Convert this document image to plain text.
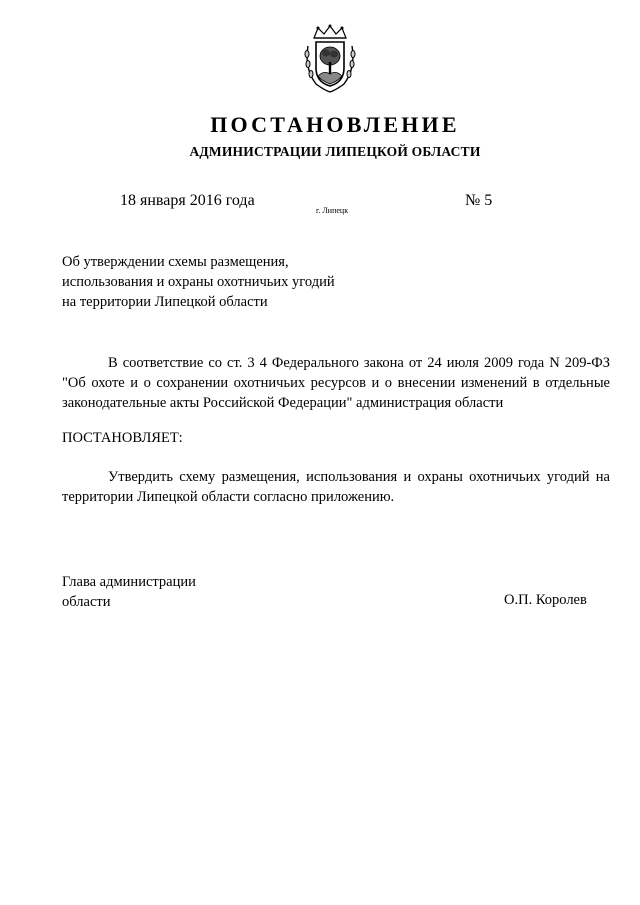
ПОСТАНОВЛЕНИЕ
АДМИНИСТРАЦИИ ЛИПЕЦКОЙ ОБЛАСТИ
18 января 2016 года
г. Липецк
№ 5
Об утверждении схемы размещения,
использования и охраны охотничьих угодий
на территории Липецкой области
В соответствие со ст. 3 4 Федерального закона от 24 июля 2009 года N 209-ФЗ "Об охоте и о сохранении охотничьих ресурсов и о внесении изменений в отдельные законодательные акты Российской Федерации" администрация области
ПОСТАНОВЛЯЕТ:
Утвердить схему размещения, использования и охраны охотничьих угодий на территории Липецкой области согласно приложению.
Глава администрации
области	О.П. Королев
